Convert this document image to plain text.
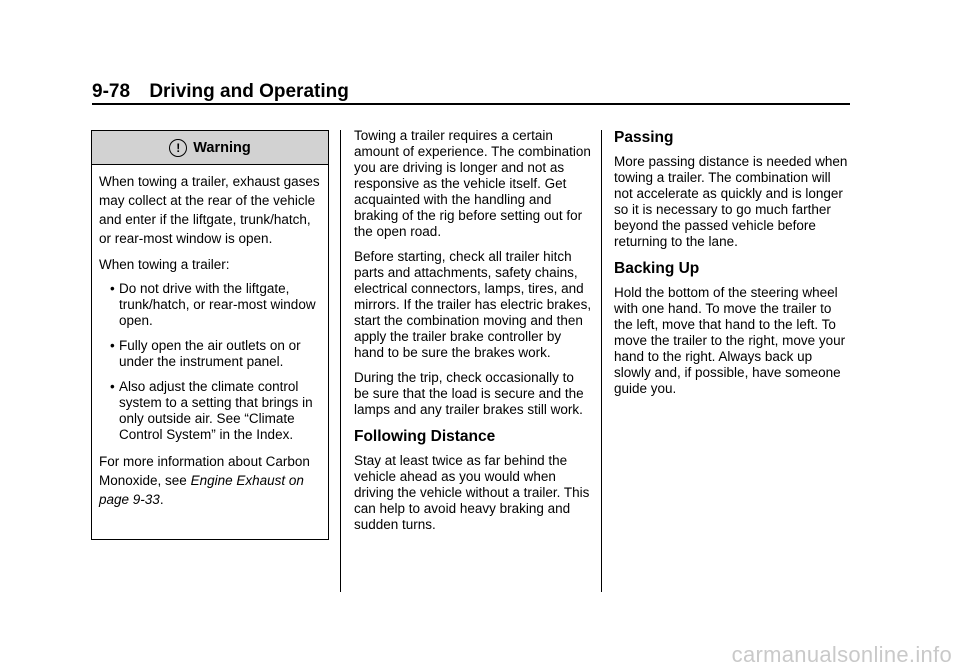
9-78 Driving and Operating
! Warning

When towing a trailer, exhaust gases may collect at the rear of the vehicle and enter if the liftgate, trunk/hatch, or rear-most window is open.

When towing a trailer:

• Do not drive with the liftgate, trunk/hatch, or rear-most window open.
• Fully open the air outlets on or under the instrument panel.
• Also adjust the climate control system to a setting that brings in only outside air. See “Climate Control System” in the Index.

For more information about Carbon Monoxide, see Engine Exhaust on page 9-33.

Towing a trailer requires a certain amount of experience. The combination you are driving is longer and not as responsive as the vehicle itself. Get acquainted with the handling and braking of the rig before setting out for the open road.

Before starting, check all trailer hitch parts and attachments, safety chains, electrical connectors, lamps, tires, and mirrors. If the trailer has electric brakes, start the combination moving and then apply the trailer brake controller by hand to be sure the brakes work.

During the trip, check occasionally to be sure that the load is secure and the lamps and any trailer brakes still work.

Following Distance

Stay at least twice as far behind the vehicle ahead as you would when driving the vehicle without a trailer. This can help to avoid heavy braking and sudden turns.

Passing

More passing distance is needed when towing a trailer. The combination will not accelerate as quickly and is longer so it is necessary to go much farther beyond the passed vehicle before returning to the lane.

Backing Up

Hold the bottom of the steering wheel with one hand. To move the trailer to the left, move that hand to the left. To move the trailer to the right, move your hand to the right. Always back up slowly and, if possible, have someone guide you.

carmanualsonline.info
